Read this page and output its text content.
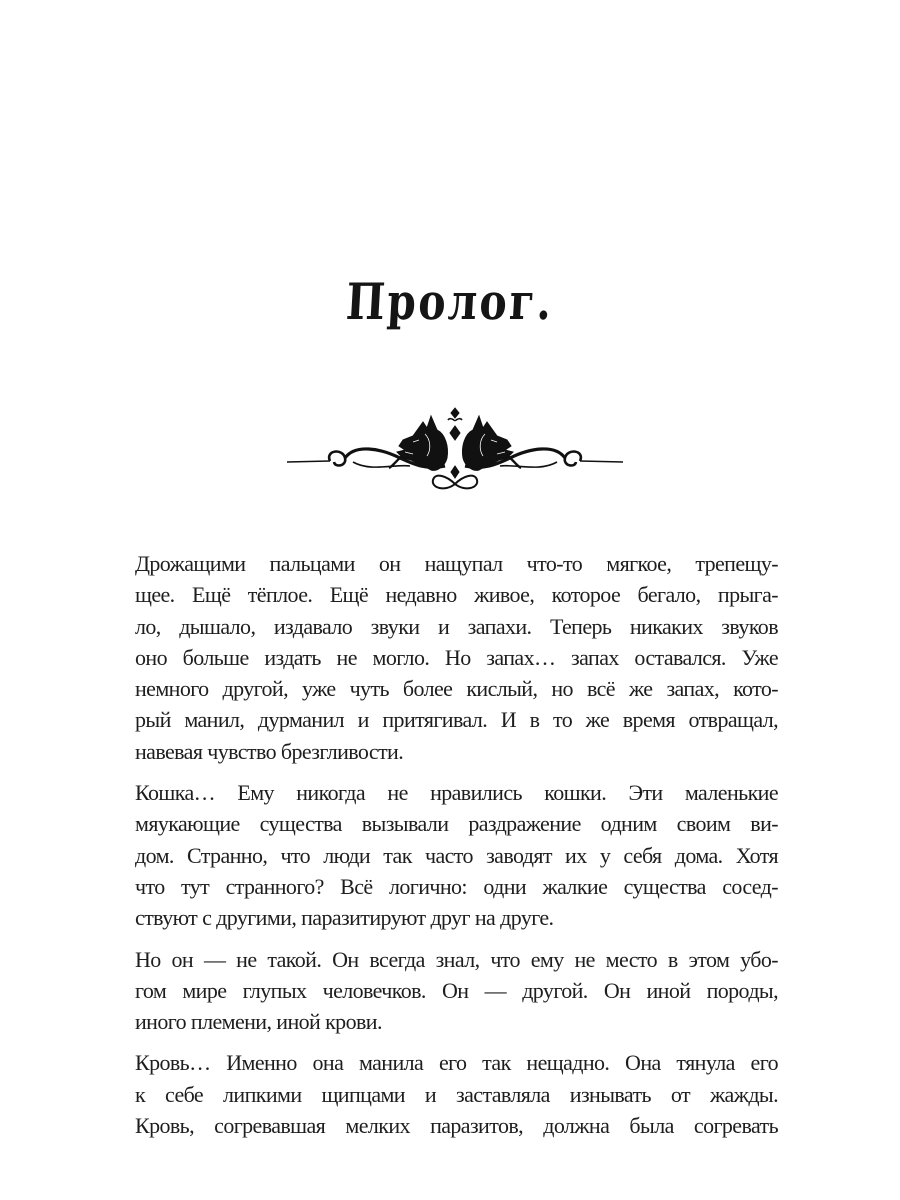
Пролог.
Дрожащими пальцами он нащупал что-то мягкое, трепещу-
щее. Ещё тёплое. Ещё недавно живое, которое бегало, прыга-
ло, дышало, издавало звуки и запахи. Теперь никаких звуков
оно больше издать не могло. Но запах… запах оставался. Уже
немного другой, уже чуть более кислый, но всё же запах, кото-
рый манил, дурманил и притягивал. И в то же время отвращал,
навевая чувство брезгливости.
Кошка… Ему никогда не нравились кошки. Эти маленькие
мяукающие существа вызывали раздражение одним своим ви-
дом. Странно, что люди так часто заводят их у себя дома. Хотя
что тут странного? Всё логично: одни жалкие существа сосед-
ствуют с другими, паразитируют друг на друге.
Но он — не такой. Он всегда знал, что ему не место в этом убо-
гом мире глупых человечков. Он — другой. Он иной породы,
иного племени, иной крови.
Кровь… Именно она манила его так нещадно. Она тянула его
к себе липкими щипцами и заставляла изнывать от жажды.
Кровь, согревавшая мелких паразитов, должна была согревать
